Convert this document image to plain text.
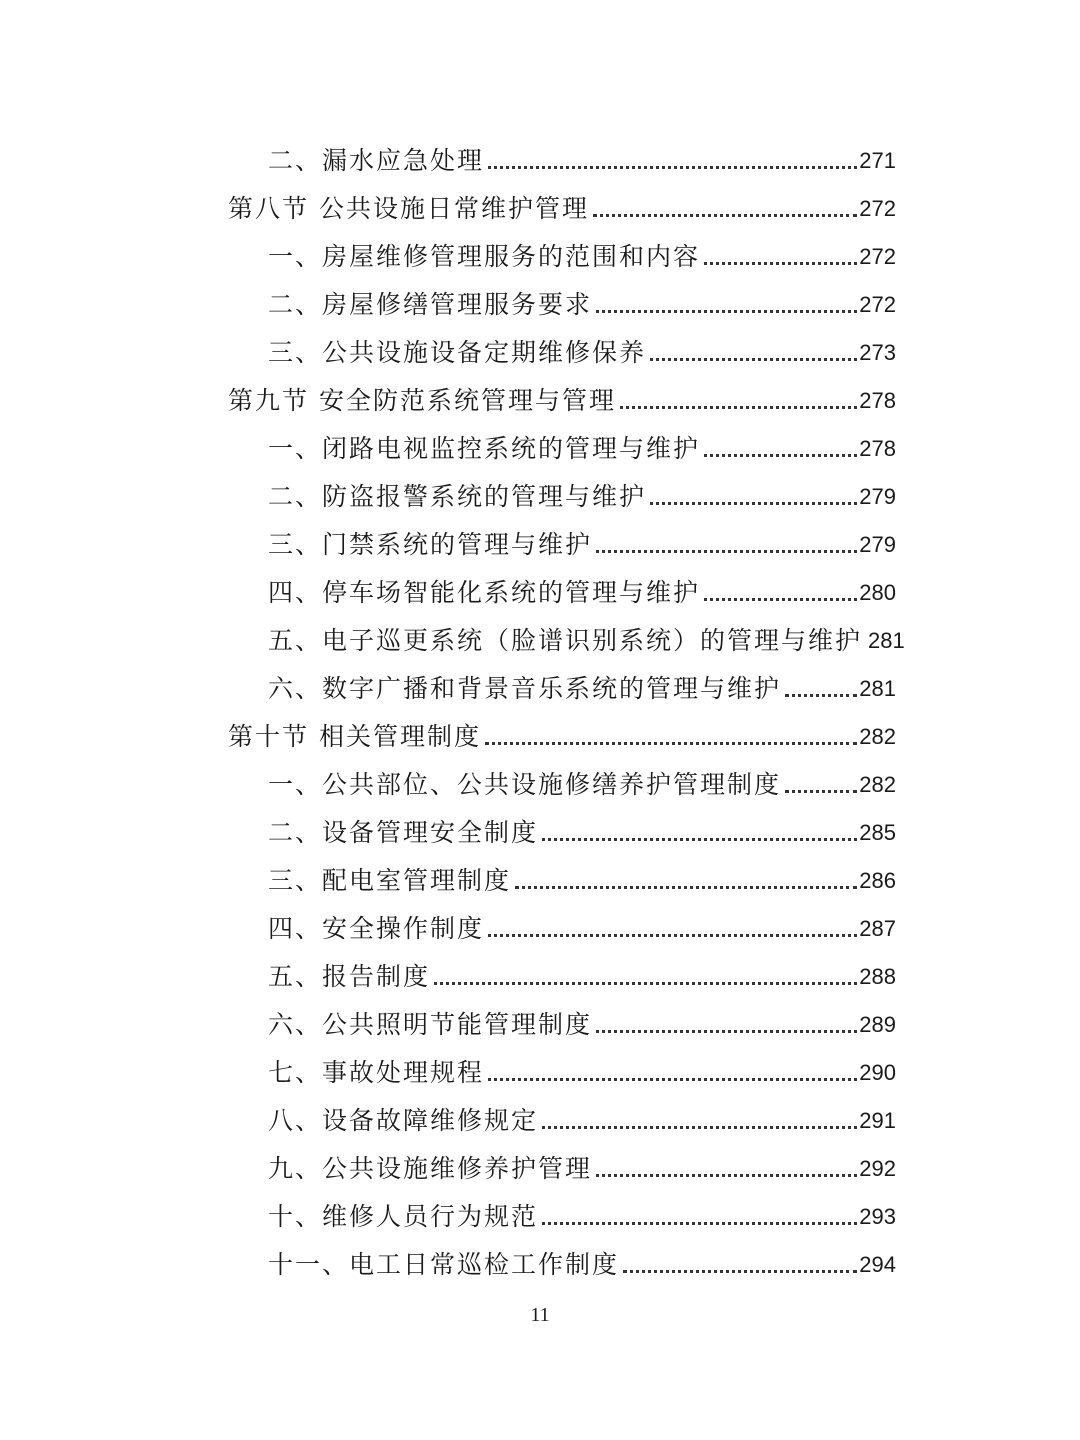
二、漏水应急处理	271
第八节 公共设施日常维护管理	272
一、房屋维修管理服务的范围和内容	272
二、房屋修缮管理服务要求	272
三、公共设施设备定期维修保养	273
第九节 安全防范系统管理与管理	278
一、闭路电视监控系统的管理与维护	278
二、防盗报警系统的管理与维护	279
三、门禁系统的管理与维护	279
四、停车场智能化系统的管理与维护	280
五、电子巡更系统（脸谱识别系统）的管理与维护 281
六、数字广播和背景音乐系统的管理与维护	281
第十节 相关管理制度	282
一、公共部位、公共设施修缮养护管理制度	282
二、设备管理安全制度	285
三、配电室管理制度	286
四、安全操作制度	287
五、报告制度	288
六、公共照明节能管理制度	289
七、事故处理规程	290
八、设备故障维修规定	291
九、公共设施维修养护管理	292
十、维修人员行为规范	293
十一、电工日常巡检工作制度	294
11
